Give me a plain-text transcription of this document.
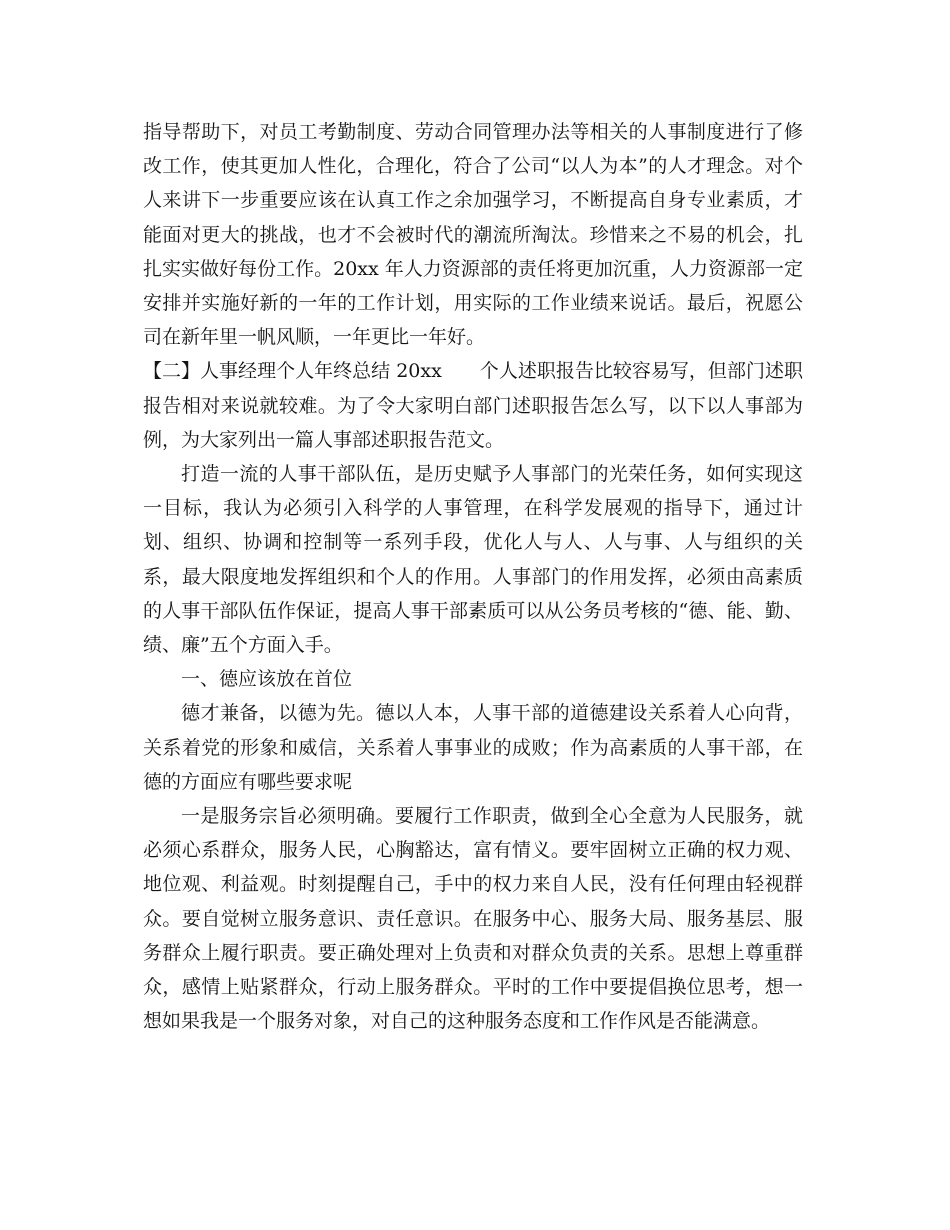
指导帮助下，对员工考勤制度、劳动合同管理办法等相关的人事制度进行了修改工作，使其更加人性化，合理化，符合了公司“以人为本”的人才理念。对个人来讲下一步重要应该在认真工作之余加强学习，不断提高自身专业素质，才能面对更大的挑战，也才不会被时代的潮流所淘汰。珍惜来之不易的机会，扎扎实实做好每份工作。20xx 年人力资源部的责任将更加沉重，人力资源部一定安排并实施好新的一年的工作计划，用实际的工作业绩来说话。最后，祝愿公司在新年里一帆风顺，一年更比一年好。

【二】人事经理个人年终总结 20xx 个人述职报告比较容易写，但部门述职报告相对来说就较难。为了令大家明白部门述职报告怎么写，以下以人事部为例，为大家列出一篇人事部述职报告范文。

打造一流的人事干部队伍，是历史赋予人事部门的光荣任务，如何实现这一目标，我认为必须引入科学的人事管理，在科学发展观的指导下，通过计划、组织、协调和控制等一系列手段，优化人与人、人与事、人与组织的关系，最大限度地发挥组织和个人的作用。人事部门的作用发挥，必须由高素质的人事干部队伍作保证，提高人事干部素质可以从公务员考核的“德、能、勤、绩、廉”五个方面入手。

一、德应该放在首位

德才兼备，以德为先。德以人本，人事干部的道德建设关系着人心向背，关系着党的形象和威信，关系着人事事业的成败；作为高素质的人事干部，在德的方面应有哪些要求呢

一是服务宗旨必须明确。要履行工作职责，做到全心全意为人民服务，就必须心系群众，服务人民，心胸豁达，富有情义。要牢固树立正确的权力观、地位观、利益观。时刻提醒自己，手中的权力来自人民，没有任何理由轻视群众。要自觉树立服务意识、责任意识。在服务中心、服务大局、服务基层、服务群众上履行职责。要正确处理对上负责和对群众负责的关系。思想上尊重群众，感情上贴紧群众，行动上服务群众。平时的工作中要提倡换位思考，想一想如果我是一个服务对象，对自己的这种服务态度和工作作风是否能满意。
